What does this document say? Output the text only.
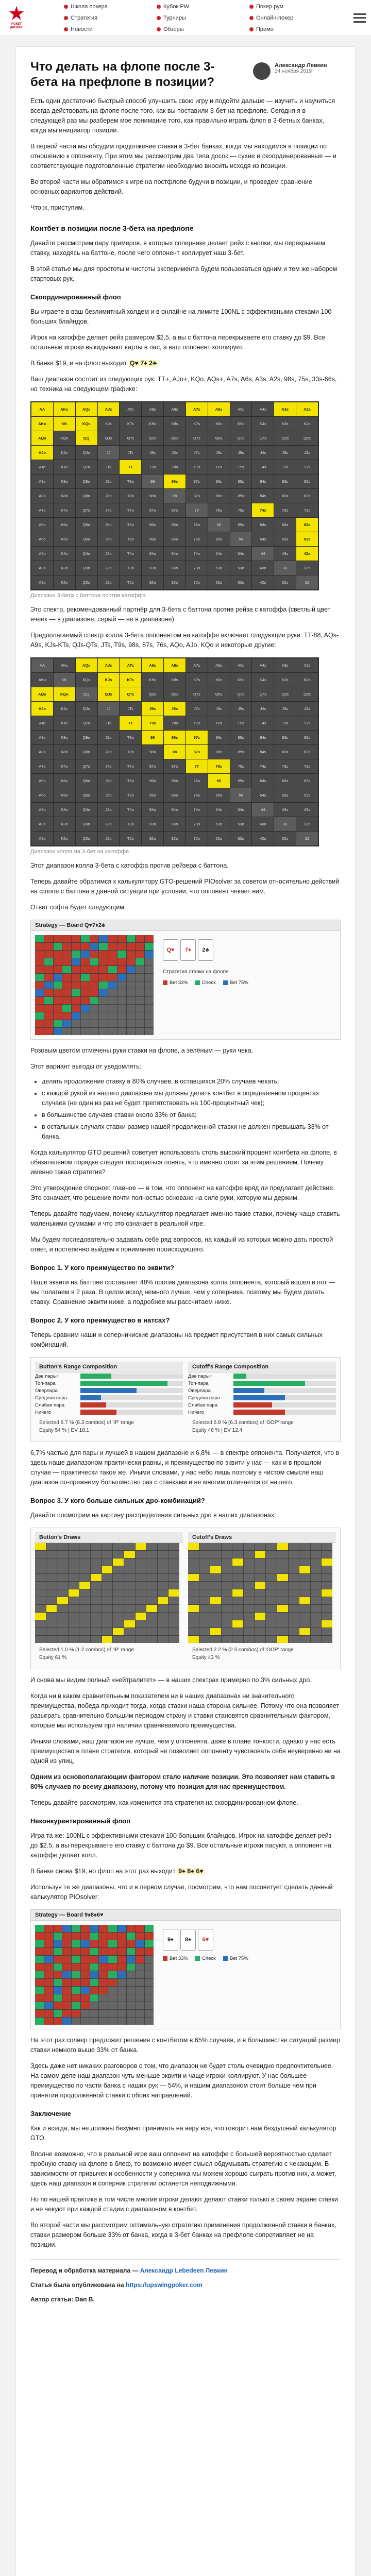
РОКЕТ ДРОИНГ
Школа покера	Кубок PW	Покер рум
Стратегия	Турниры	Онлайн-покер
Новости	Обзоры	Промо
Что делать на флопе после 3-бета на префлопе в позиции?
Александр Левкин
14 ноября 2019

Есть один достаточно быстрый способ улучшить свою игру и подойти дальше — изучить и научиться всегда действовать на флопе после того, как вы поставили 3-бет на префлопе. Сегодня я в следующей раз мы разберем мое понимание того, как правильно играть флоп в 3-бетных банках, когда мы инициатор позиции.

В первой части мы обсудим продолжение ставки в 3-бет банках, когда мы находимся в позиции по отношению к оппоненту. При этом мы рассмотрим два типа досок — сухие и скоординированные — и соответствующие подготовленные стратегии необходимо вносить исходя из позиции.

Во второй части мы обратимся к игре на постфлопе будучи в позиции, и проведем сравнение основных вариантов действий.

Что ж, приступим.

Контбет в позиции после 3-бета на префлопе

Давайте рассмотрим пару примеров, в которых сопернике делает рейз с кнопки, мы перекрываем ставку, находясь на баттоне, после чего оппонент коллирует наш 3-бет.

В этой статье мы для простоты и чистоты эксперимента будем пользоваться одним и тем же набором стартовых рук.

Скоординированный флоп

Вы играете в ваш безлимитный холдем и в онлайне на лимите 100NL с эффективными стеками 100 больших блайндов.

Игрок на катоффе делает рейз размером $2,5, а вы с баттона перекрываете его ставку до $9. Все остальные игроки выкидывают карты в пас, а ваш оппонент коллирует.

В банке $19, и на флоп выходит Q♥ 7♦ 2♣

Ваш диапазон состоит из следующих рук: TT+, AJo+, KQo, AQs+, A7s, A6s, A3s, A2s, 98s, 75s, 33s-66s, но техника на следующем графике:

AA	AKs	AQs	AJs	ATs	A9s	A8s	A7s	A6s	A5s	A4s	A3s	A2s
AKo	KK	KQs	KJs	KTs	K9s	K8s	K7s	K6s	K5s	K4s	K3s	K2s
AQo	KQo	QQ	QJs	QTs	Q9s	Q8s	Q7s	Q6s	Q5s	Q4s	Q3s	Q2s
AJo	KJo	QJo	JJ	JTs	J9s	J8s	J7s	J6s	J5s	J4s	J3s	J2s
ATo	KTo	QTo	JTo	TT	T9s	T8s	T7s	T6s	T5s	T4s	T3s	T2s
A9o	K9o	Q9o	J9o	T9o	99	98s	97s	96s	95s	94s	93s	92s
A8o	K8o	Q8o	J8o	T8o	98o	88	87s	86s	85s	84s	83s	82s
A7o	K7o	Q7o	J7o	T7o	97o	87o	77	76s	75s	74s	73s	72s
A6o	K6o	Q6o	J6o	T6o	96o	86o	76o	66	65s	64s	63s	62s
A5o	K5o	Q5o	J5o	T5o	95o	85o	75o	65o	55	54s	53s	52s
A4o	K4o	Q4o	J4o	T4o	94o	84o	74o	64o	54o	44	43s	42s
A3o	K3o	Q3o	J3o	T3o	93o	83o	73o	63o	53o	43o	33	32s
A2o	K2o	Q2o	J2o	T2o	92o	82o	72o	62o	52o	42o	32o	22
Диапазон 3-бета с баттона против катоффа

Это спектр, рекомендованный партнёр для 3-бета с баттона против рейза с катоффа (светлый цвет ячеек — в диапазоне, серый — не в диапазоне).

Предполагаемый спектр колла 3-бета оппонентом на катоффе включает следующие руки: TT-88, AQs-A9s, KJs-KTs, QJs-QTs, JTs, T9s, 98s, 87s, 76s, AQo, AJo, KQo и некоторые другие:

AA	AKs	AQs	AJs	ATs	A9s	A8s	A7s	A6s	A5s	A4s	A3s	A2s
AKo	KK	KQs	KJs	KTs	K9s	K8s	K7s	K6s	K5s	K4s	K3s	K2s
AQo	KQo	QQ	QJs	QTs	Q9s	Q8s	Q7s	Q6s	Q5s	Q4s	Q3s	Q2s
AJo	KJo	QJo	JJ	JTs	J9s	J8s	J7s	J6s	J5s	J4s	J3s	J2s
ATo	KTo	QTo	JTo	TT	T9s	T8s	T7s	T6s	T5s	T4s	T3s	T2s
A9o	K9o	Q9o	J9o	T9o	99	98s	97s	96s	95s	94s	93s	92s
A8o	K8o	Q8o	J8o	T8o	98o	88	87s	86s	85s	84s	83s	82s
A7o	K7o	Q7o	J7o	T7o	97o	87o	77	76s	75s	74s	73s	72s
A6o	K6o	Q6o	J6o	T6o	96o	86o	76o	66	65s	64s	63s	62s
A5o	K5o	Q5o	J5o	T5o	95o	85o	75o	65o	55	54s	53s	52s
A4o	K4o	Q4o	J4o	T4o	94o	84o	74o	64o	54o	44	43s	42s
A3o	K3o	Q3o	J3o	T3o	93o	83o	73o	63o	53o	43o	33	32s
A2o	K2o	Q2o	J2o	T2o	92o	82o	72o	62o	52o	42o	32o	22
Диапазон колла на 3-бет на катоффе

Этот диапазон колла 3-бета с катоффа против рейзера с баттона.

Теперь давайте обратимся к калькулятору GTO-решений PIOsolver за советом относительно действий на флопе с баттона в данной ситуации при условии, что оппонент чекает нам.

Ответ софта будет следующим:

Strategy — Board Q♥7♦2♣
Q♥	7♦	2♣
Стратегия ставки на флопе
Bet 33%	Check	Bet 75%

Розовым цветом отмечены руки ставки на флопе, а зелёным — руки чека.

Этот вариант выгоды от уведомлять:

• делать продолжение ставку в 80% случаев, в оставшихся 20% случаев чекать;
• с каждой рукой из нашего диапазона мы должны делать контбет в определенном процентах случаев (не один из раз не будет препятствовать на 100-процентный чек);
• в большинстве случаев ставки около 33% от банка;
• в остальных случаях ставки размер нашей продолженной ставки не должен превышать 33% от банка.

Когда калькулятор GTO решений советует использовать столь высокий процент контбета на флопе, в обязательном порядке следует постараться понять, что именно стоит за этим решением. Почему именно такая стратегия?

Это утверждение спорное: главное — в том, что оппонент на катоффе вряд ли предлагает действие. Это означает, что решение почти полностью основано на силе руки, которую мы держим.

Теперь давайте подумаем, почему калькулятор предлагает именно такие ставки, почему чаще ставить маленькими суммами и что это означает в реальной игре.

Мы будем последовательно задавать себе ряд вопросов, на каждый из которых можно дать простой ответ, и постепенно выйдем к пониманию происходящего.

Вопрос 1. У кого преимущество по эквити?

Наше эквити на баттоне составляет 48% против диапазона колла оппонента, который вошел в пот — мы полагаем в 2 раза. В целом исход немного лучше, чем у соперника, поэтому мы будем делать ставку. Сравнение эквити ниже, а подробнее мы рассчитаем ниже.

Вопрос 2. У кого преимущество в натсах?

Теперь сравним наши и соперничиские диапазоны на предмет присутствия в них самых сильных комбинаций.

Button's Range Composition
Две пары+
Топ-пара
Оверпара
Средняя пара
Слабая пара
Ничего
Selected 6.7 % (8.3 combos) of 'IP' range
Equity 54 % | EV 18.1
Cutoff's Range Composition
Две пары+
Топ-пара
Оверпара
Средняя пара
Слабая пара
Ничего
Selected 6.8 % (6.3 combos) of 'OOP' range
Equity 46 % | EV 12.4

6,7% частью для пары и лучшей в нашем диапазоне и 6,8% — в спектре оппонента. Получается, что в здесь наше диапазоном практически равны, и преимущество по эквити у нас — как и в прошлом случае — практически такое же. Иными словами, у нас небо лишь поэтому в чистом смысле наш диапазон по-прежнему большинство раз с ставками и не многим отличается от нашего.

Вопрос 3. У кого больше сильных дро-комбинаций?

Давайте посмотрим на картину распределения сильных дро в наших диапазонах:

Button's Draws
Selected 1.0 % (1.2 combos) of 'IP' range
Equity 61 %
Cutoff's Draws
Selected 2.2 % (2.5 combos) of 'OOP' range
Equity 43 %

И снова мы видим полный «нейтралитет» — в наших спектрах примерно по 3% сильных дро.

Когда ни в каком сравнительным показателем ни в наших диапазонах ни значительного преимущества, победа приходит тогда, когда ставки наша сторона сильнее. Потому что она позволяет разыграть сравнительно большим периодом страну и ставки становятся сравнительным фактором, которые мы используем при наличии сравниваемого преимущества.

Иными словами, наш диапазон не лучше, чем у оппонента, даже в плане тонкости, однако у нас есть преимущество в плане стратегии, который не позволяет оппоненту чувствовать себя неуверенно ни на одной из улиц.

Одним из основополагающим фактором стало наличие позиции. Это позволяет нам ставить в 80% случаев по всему диапазону, потому что позиция для нас преимуществом.

Теперь давайте рассмотрим, как изменится эта стратегия на скоординированном флопе.

Неконкурентированный флоп

Игра та же: 100NL с эффективными стеками 100 больших блайндов. Игрок на катоффе делает рейз до $2.5, а вы перекрываете его ставку с баттона до $9. Все остальные игроки пасуют, а оппонент на катоффе делает колл.

В банке снова $19, но флоп на этот раз выходит 9♠ 8♠ 6♥

Используя те же диапазоны, что и в первом случае, посмотрим, что нам посоветует сделать данный калькулятор PIOsolver:

Strategy — Board 9♠8♠6♥
9♠	8♠	6♥
Bet 33%	Check	Bet 75%

На этот раз солвер предложит решения с контбетом в 65% случаев, и в большинстве ситуаций размер ставки немного выше 33% от банка.

Здесь даже нет никаких разговоров о том, что диапазон не будет столь очевидно предпочтительнее. На самом деле наш диапазон чуть меньше эквити и чаще игроки коллируют. У нас большее преимущество по части банка с наших рук — 54%, и нашим диапазоном стоит больше чем при принятии продолженной ставки с обоих направлений.

Заключение

Как и всегда, мы не должны безумно принимать на веру все, что говорит нам бездушный калькулятор GTO.

Вполне возможно, что в реальной игре ваш оппонент на катоффе с большей вероятностью сделает пробную ставку на флопе в блеф, то возможно имеет смысл обдумывать стратегию с чекающим. В зависимости от привычек и особенности у соперника мы можем хорошо сыграть против них, а может, здесь наш диапазон и соперник стратегии останется неподвижными.

Но по нашей практике в том числе многие игроки делают делают ставки только в своем экране ставки и не чекуют при каждой стадии с диапазоном в контбет.

Во второй части мы рассмотрим оптимальную стратегию применения продолженной ставки в банках, ставки размером больше 33% от банка, когда в 3-бет банках на префлопе сопротивляет не на позиции.

Перевод и обработка материала — Александр Lebedeen Левкин
Статья была опубликована на https://upswingpoker.com
Автор статьи: Dan B.
